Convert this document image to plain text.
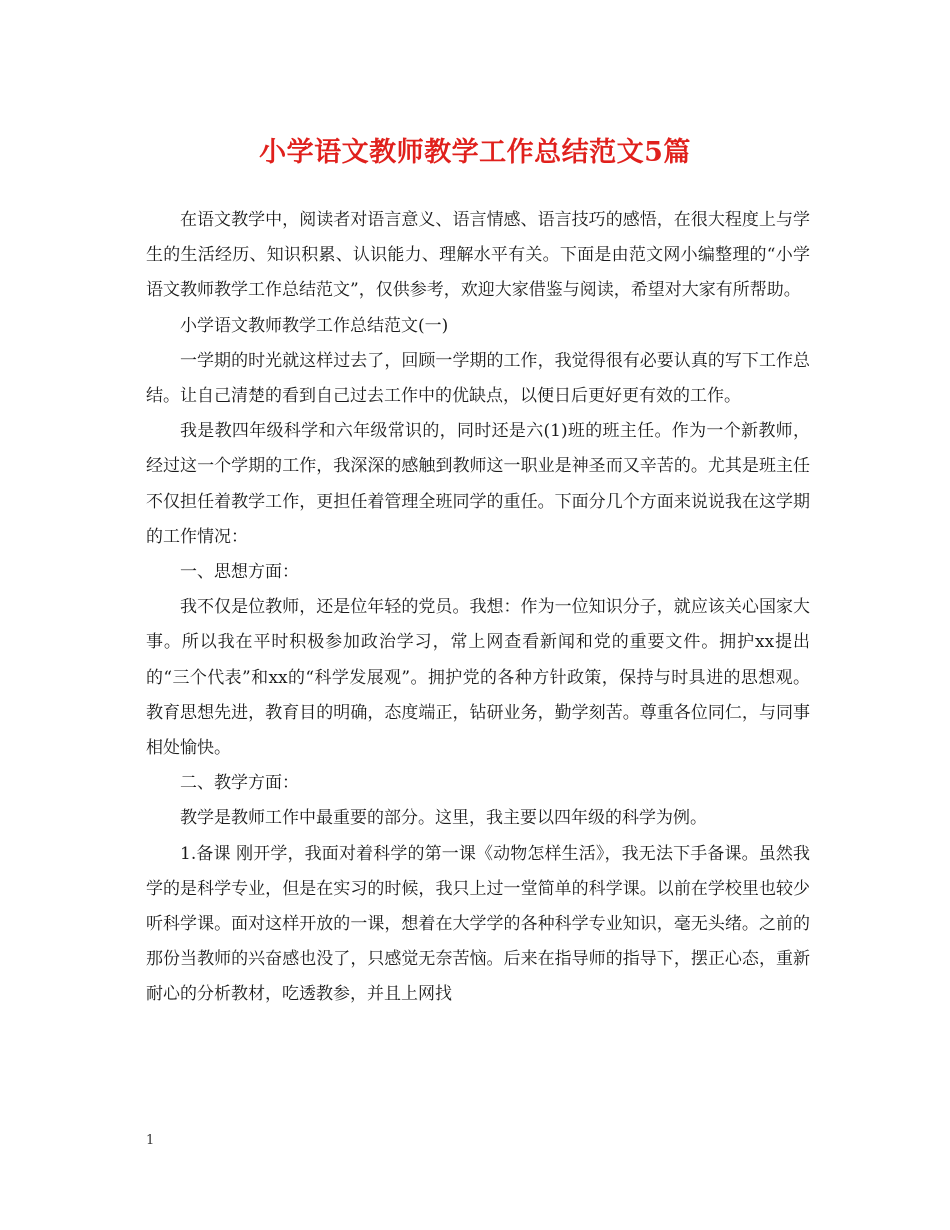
小学语文教师教学工作总结范文5篇

在语文教学中，阅读者对语言意义、语言情感、语言技巧的感悟，在很大程度上与学生的生活经历、知识积累、认识能力、理解水平有关。下面是由范文网小编整理的“小学语文教师教学工作总结范文”，仅供参考，欢迎大家借鉴与阅读，希望对大家有所帮助。

小学语文教师教学工作总结范文(一)

一学期的时光就这样过去了，回顾一学期的工作，我觉得很有必要认真的写下工作总结。让自己清楚的看到自己过去工作中的优缺点，以便日后更好更有效的工作。

我是教四年级科学和六年级常识的，同时还是六(1)班的班主任。作为一个新教师，经过这一个学期的工作，我深深的感触到教师这一职业是神圣而又辛苦的。尤其是班主任不仅担任着教学工作，更担任着管理全班同学的重任。下面分几个方面来说说我在这学期的工作情况：

一、思想方面：

我不仅是位教师，还是位年轻的党员。我想：作为一位知识分子，就应该关心国家大事。所以我在平时积极参加政治学习，常上网查看新闻和党的重要文件。拥护xx提出的“三个代表”和xx的“科学发展观”。拥护党的各种方针政策，保持与时具进的思想观。教育思想先进，教育目的明确，态度端正，钻研业务，勤学刻苦。尊重各位同仁，与同事相处愉快。

二、教学方面：

教学是教师工作中最重要的部分。这里，我主要以四年级的科学为例。

1.备课 刚开学，我面对着科学的第一课《动物怎样生活》，我无法下手备课。虽然我学的是科学专业，但是在实习的时候，我只上过一堂简单的科学课。以前在学校里也较少听科学课。面对这样开放的一课，想着在大学学的各种科学专业知识，毫无头绪。之前的那份当教师的兴奋感也没了，只感觉无奈苦恼。后来在指导师的指导下，摆正心态，重新耐心的分析教材，吃透教参，并且上网找

1
